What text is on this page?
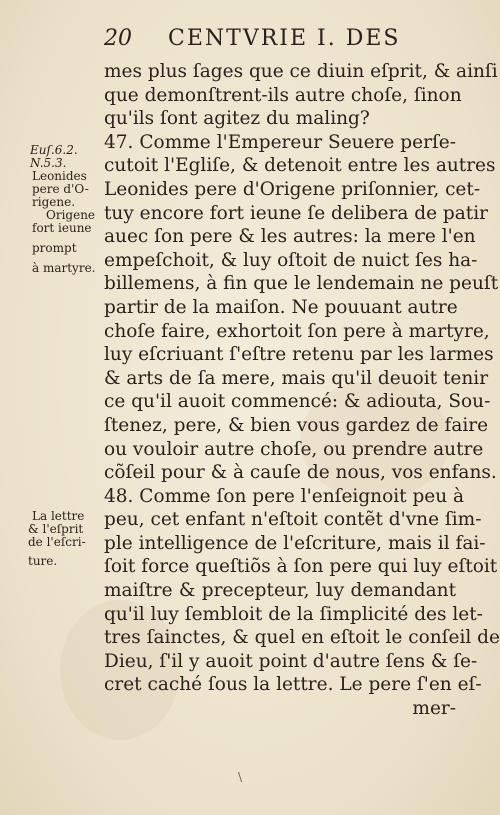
20 CENTVRIE I. DES
Euſ.6.2.
N.5.3.
Leonides
pere d'O-
rigene.
Origene
fort ieune
prompt
à martyre.
La lettre
& l'eſprit
de l'eſcri-
ture.
mes plus ſages que ce diuin eſprit, & ainſi
que demonſtrent-ils autre choſe, ſinon
qu'ils ſont agitez du maling?
47. Comme l'Empereur Seuere perſe-
cutoit l'Egliſe, & detenoit entre les autres
Leonides pere d'Origene priſonnier, cet-
tuy encore fort ieune ſe delibera de patir
auec ſon pere & les autres: la mere l'en
empeſchoit, & luy oſtoit de nuict ſes ha-
billemens, à fin que le lendemain ne peuſt
partir de la maiſon. Ne pouuant autre
choſe faire, exhortoit ſon pere à martyre,
luy eſcriuant ſ'eſtre retenu par les larmes
& arts de ſa mere, mais qu'il deuoit tenir
ce qu'il auoit commencé: & adiouta, Sou-
ſtenez, pere, & bien vous gardez de faire
ou vouloir autre choſe, ou prendre autre
cõſeil pour & à cauſe de nous, vos enfans.
48. Comme ſon pere l'enſeignoit peu à
peu, cet enfant n'eſtoit contẽt d'vne ſim-
ple intelligence de l'eſcriture, mais il fai-
ſoit force queſtiõs à ſon pere qui luy eſtoit
maiſtre & precepteur, luy demandant
qu'il luy ſembloit de la ſimplicité des let-
tres ſainctes, & quel en eſtoit le conſeil de
Dieu, ſ'il y auoit point d'autre ſens & ſe-
cret caché ſous la lettre. Le pere ſ'en eſ-
mer-
\
